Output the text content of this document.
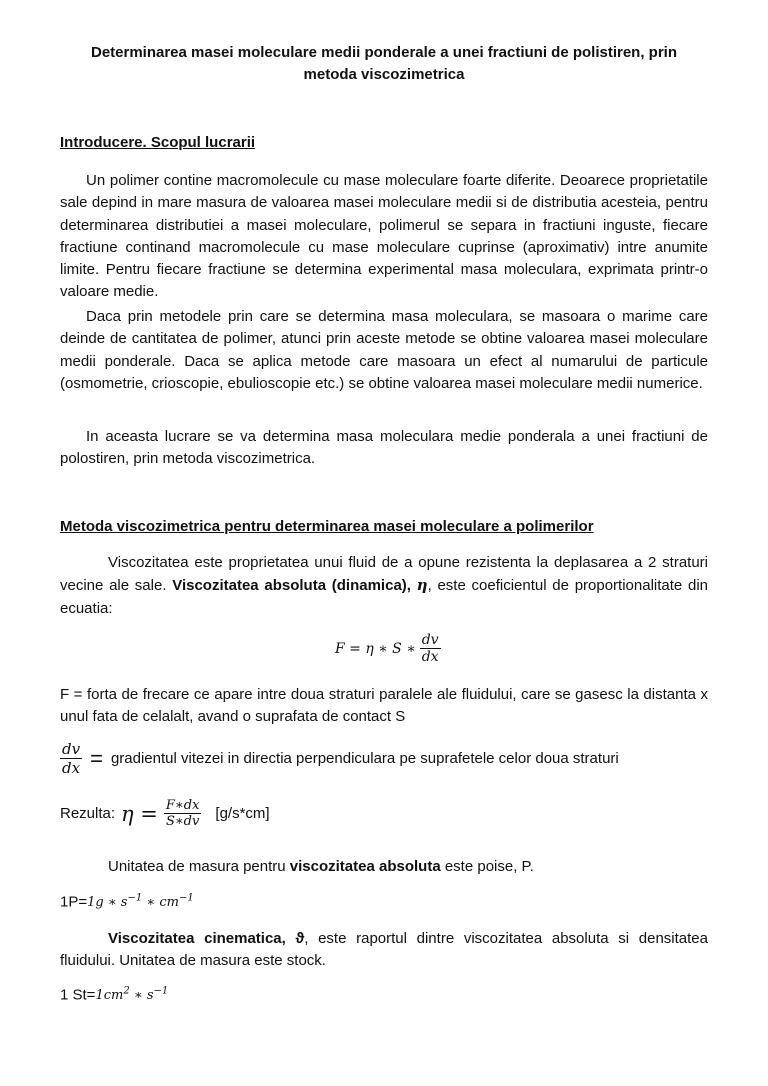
Determinarea masei moleculare medii ponderale a unei fractiuni de polistiren, prin
metoda viscozimetrica
Introducere. Scopul lucrarii
Un polimer contine macromolecule cu mase moleculare foarte diferite. Deoarece proprietatile sale depind in mare masura de valoarea masei moleculare medii si de distributia acesteia, pentru determinarea distributiei a masei moleculare, polimerul se separa in fractiuni inguste, fiecare fractiune continand macromolecule cu mase moleculare cuprinse (aproximativ) intre anumite limite. Pentru fiecare fractiune se determina experimental masa moleculara, exprimata printr-o valoare medie.
Daca prin metodele prin care se determina masa moleculara, se masoara o marime care deinde de cantitatea de polimer, atunci prin aceste metode se obtine valoarea masei moleculare medii ponderale. Daca se aplica metode care masoara un efect al numarului de particule (osmometrie, crioscopie, ebulioscopie etc.) se obtine valoarea masei moleculare medii numerice.
In aceasta lucrare se va determina masa moleculara medie ponderala a unei fractiuni de polostiren, prin metoda viscozimetrica.
Metoda viscozimetrica pentru determinarea masei moleculare a polimerilor
Viscozitatea este proprietatea unui fluid de a opune rezistenta la deplasarea a 2 straturi vecine ale sale. Viscozitatea absoluta (dinamica), η, este coeficientul de proportionalitate din ecuatia:
F = η ∗ S ∗ $\frac{dv}{dx}$
F = forta de frecare ce apare intre doua straturi paralele ale fluidului, care se gasesc la distanta x unul fata de celalalt, avand o suprafata de contact S
$\frac{dv}{dx}$ = gradientul vitezei in directia perpendiculara pe suprafetele celor doua straturi
Rezulta: $\eta = \frac{F∗dx}{S∗dv} [g/s*cm]$
Unitatea de masura pentru viscozitatea absoluta este poise, P.
1P=1g ∗ $s^{-1}$ ∗ $cm^{-1}$
Viscozitatea cinematica, ϑ, este raportul dintre viscozitatea absoluta si densitatea fluidului. Unitatea de masura este stock.
1 $St=1cm^2$ ∗ $s^{-1}$
